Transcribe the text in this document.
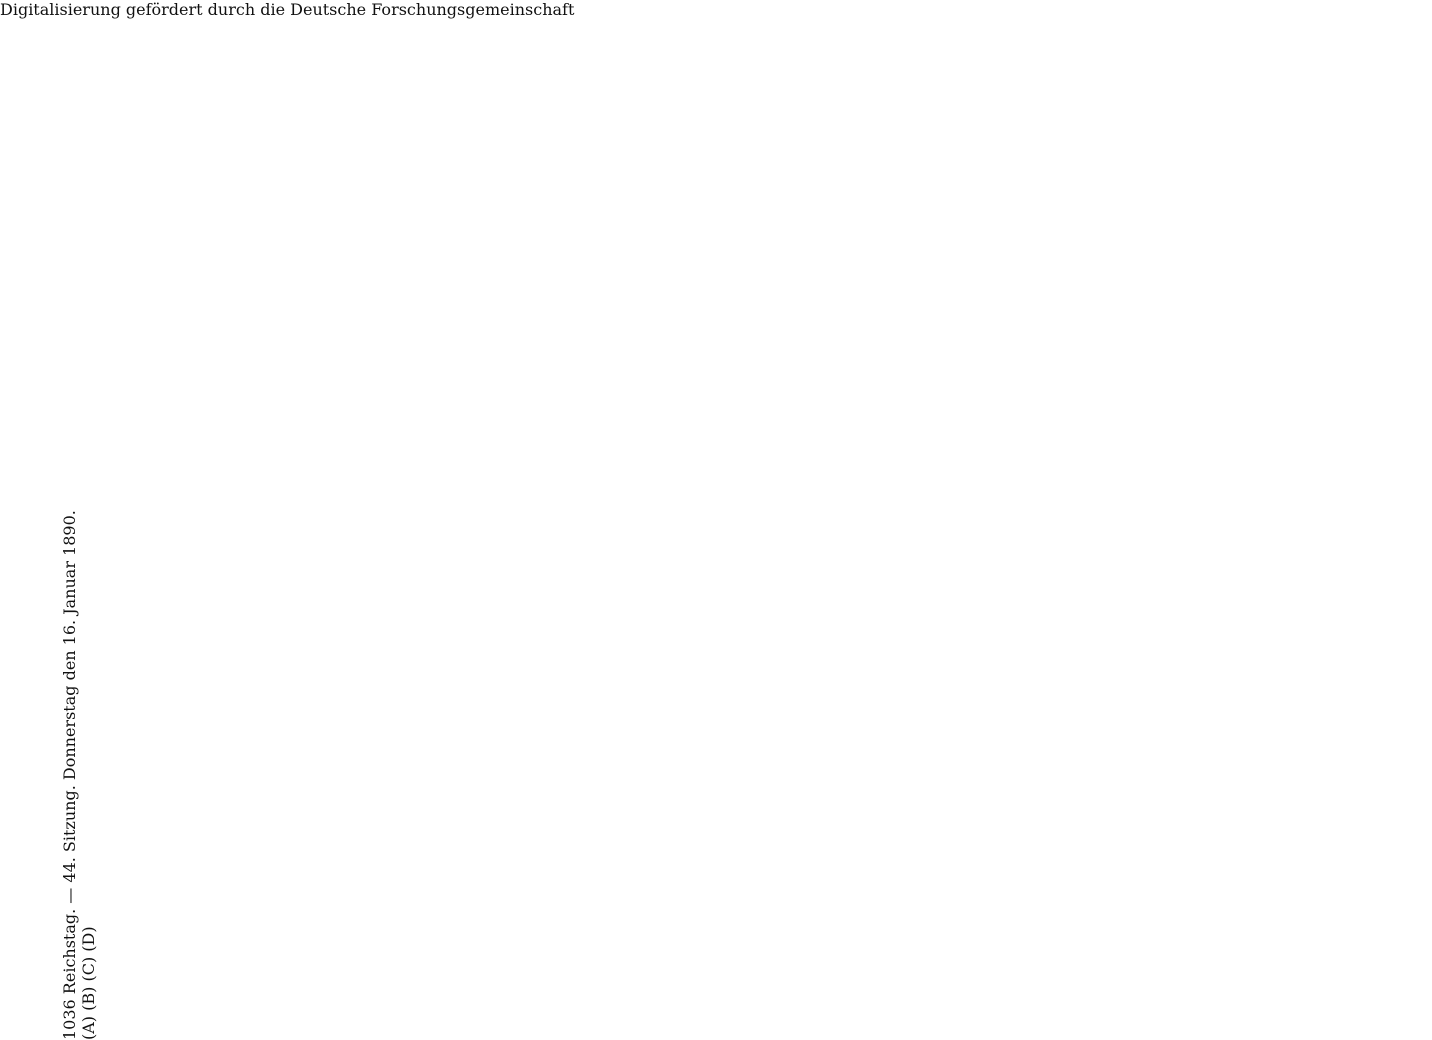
1036 Reichstag. — 44. Sitzung. Donnerstag den 16. Januar 1890.
(A) (B) (C) (D)
Digitalisierung gefördert durch die Deutsche Forschungsgemeinschaft
